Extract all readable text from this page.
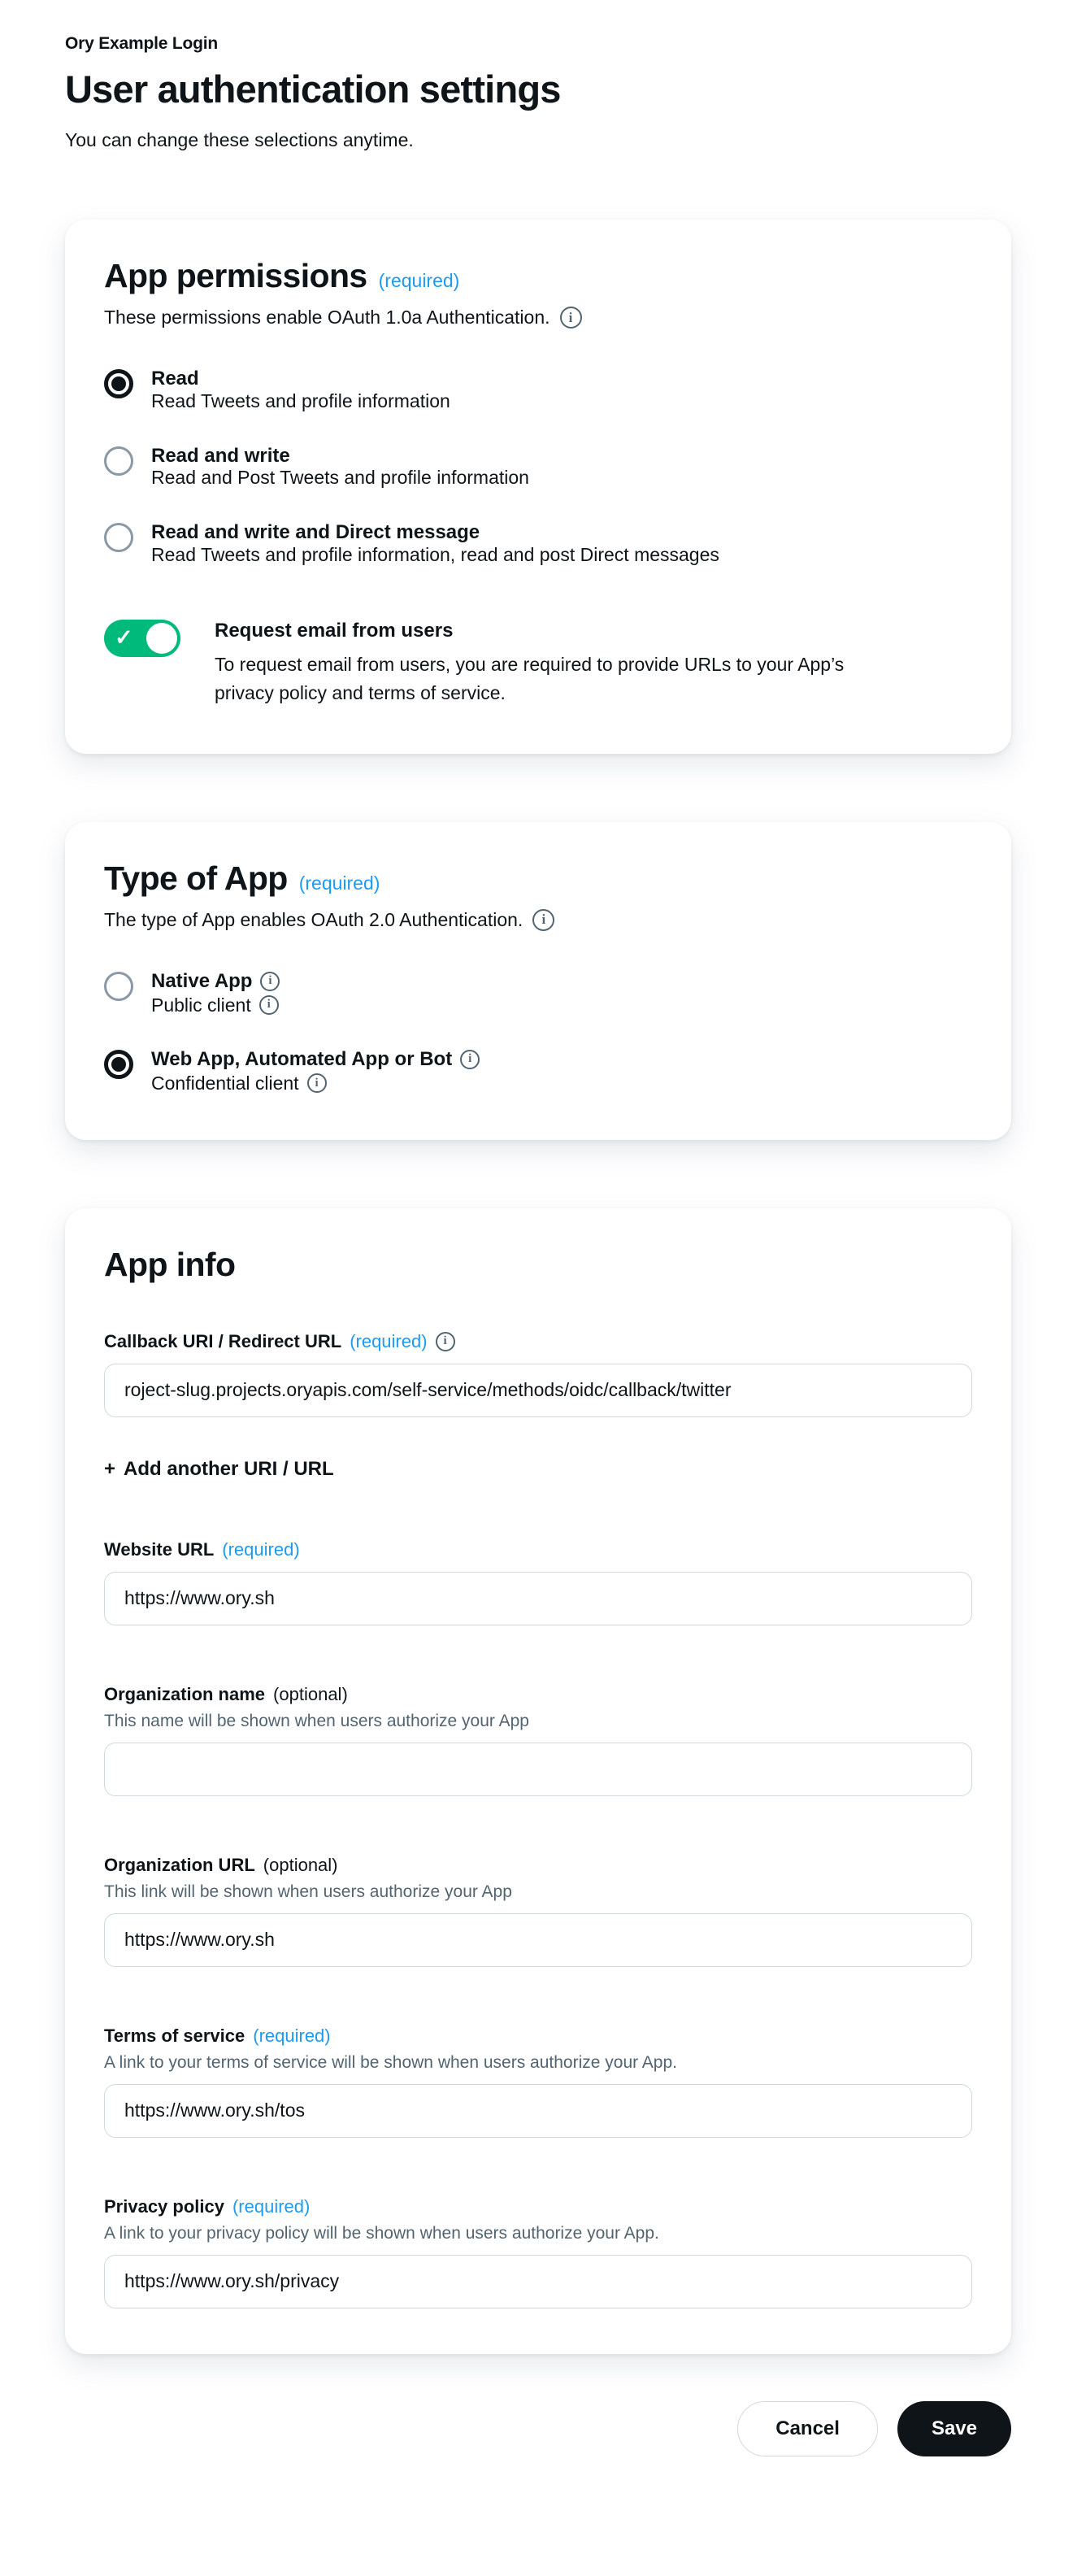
Ory Example Login
User authentication settings
You can change these selections anytime.
App permissions (required)
These permissions enable OAuth 1.0a Authentication.	i
Read
Read Tweets and profile information
Read and write
Read and Post Tweets and profile information
Read and write and Direct message
Read Tweets and profile information, read and post Direct messages
✓	Request email from users
To request email from users, you are required to provide URLs to your App’s privacy policy and terms of service.
Type of App (required)
The type of App enables OAuth 2.0 Authentication.	i
Native App	i
Public client	i
Web App, Automated App or Bot	i
Confidential client	i
App info
Callback URI / Redirect URL (required)	i
roject-slug.projects.oryapis.com/self-service/methods/oidc/callback/twitter
+ Add another URI / URL
Website URL (required)
https://www.ory.sh
Organization name (optional)
This name will be shown when users authorize your App
Organization URL (optional)
This link will be shown when users authorize your App
https://www.ory.sh
Terms of service (required)
A link to your terms of service will be shown when users authorize your App.
https://www.ory.sh/tos
Privacy policy (required)
A link to your privacy policy will be shown when users authorize your App.
https://www.ory.sh/privacy
Cancel	Save
